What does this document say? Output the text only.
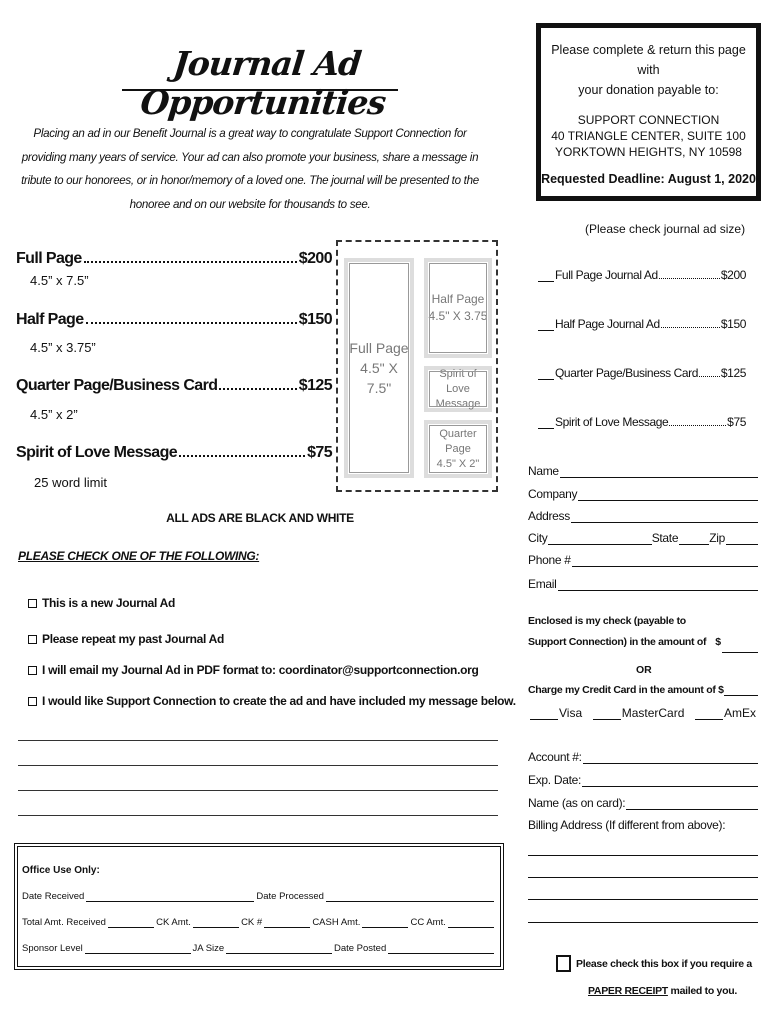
Journal Ad Opportunities
Placing an ad in our Benefit Journal is a great way to congratulate Support Connection for providing many years of service. Your ad can also promote your business, share a message in tribute to our honorees, or in honor/memory of a loved one. The journal will be presented to the honoree and on our website for thousands to see.
Please complete & return this page with
your donation payable to:
SUPPORT CONNECTION
40 TRIANGLE CENTER, SUITE 100
YORKTOWN HEIGHTS, NY 10598
Requested Deadline: August 1, 2020
Full Page	$200
4.5” x 7.5”
Half Page	$150
4.5” x 3.75”
Quarter Page/Business Card	$125
4.5” x 2”
Spirit of Love Message	$75
25 word limit
ALL ADS ARE BLACK AND WHITE
Full Page
4.5" X 7.5"
Half Page
4.5" X 3.75
Spirit of Love
Message
Quarter Page
4.5" X 2"
PLEASE CHECK ONE OF THE FOLLOWING:
This is a new Journal Ad
Please repeat my past Journal Ad
I will email my Journal Ad in PDF format to: coordinator@supportconnection.org
I would like Support Connection to create the ad and have included my message below.
Office Use Only:
Date Received	Date Processed
Total Amt. Received	CK Amt.	CK #	CASH Amt.	CC Amt.
Sponsor Level	JA Size	Date Posted
(Please check journal ad size)
Full Page Journal Ad	$200
Half Page Journal Ad	$150
Quarter Page/Business Card $125
Spirit of Love Message	$75
Name
Company
Address
City	State	Zip
Phone #
Email
Enclosed is my check (payable to
Support Connection) in the amount of $
OR
Charge my Credit Card in the amount of $
Visa	MasterCard	AmEx
Account #:
Exp. Date:
Name (as on card):
Billing Address (If different from above):
Please check this box if you require a
PAPER RECEIPT mailed to you.
